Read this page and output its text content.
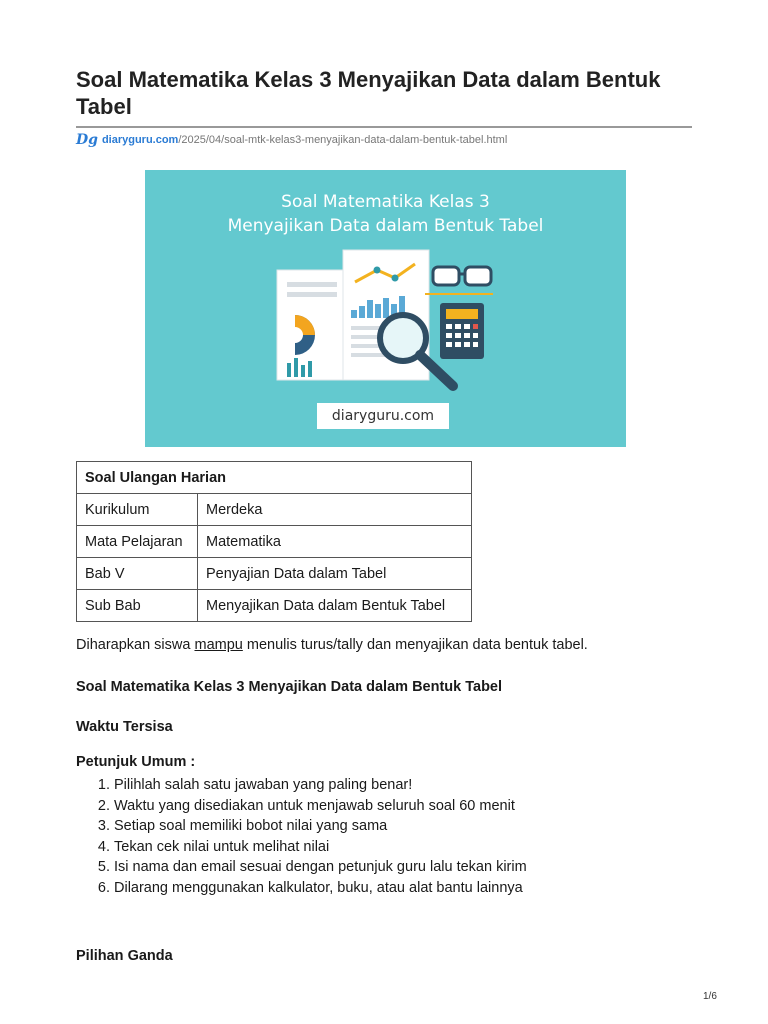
Soal Matematika Kelas 3 Menyajikan Data dalam Bentuk Tabel
Dg diaryguru.com /2025/04/soal-mtk-kelas3-menyajikan-data-dalam-bentuk-tabel.html
Soal Matematika Kelas 3
Menyajikan Data dalam Bentuk Tabel
diaryguru.com
Soal Ulangan Harian	
Kurikulum	Merdeka
Mata Pelajaran	Matematika
Bab V	Penyajian Data dalam Tabel
Sub Bab	Menyajikan Data dalam Bentuk Tabel
Diharapkan siswa mampu menulis turus/tally dan menyajikan data bentuk tabel.
Soal Matematika Kelas 3 Menyajikan Data dalam Bentuk Tabel
Waktu Tersisa
Petunjuk Umum :
1. Pilihlah salah satu jawaban yang paling benar!
2. Waktu yang disediakan untuk menjawab seluruh soal 60 menit
3. Setiap soal memiliki bobot nilai yang sama
4. Tekan cek nilai untuk melihat nilai
5. Isi nama dan email sesuai dengan petunjuk guru lalu tekan kirim
6. Dilarang menggunakan kalkulator, buku, atau alat bantu lainnya
Pilihan Ganda
1/6
